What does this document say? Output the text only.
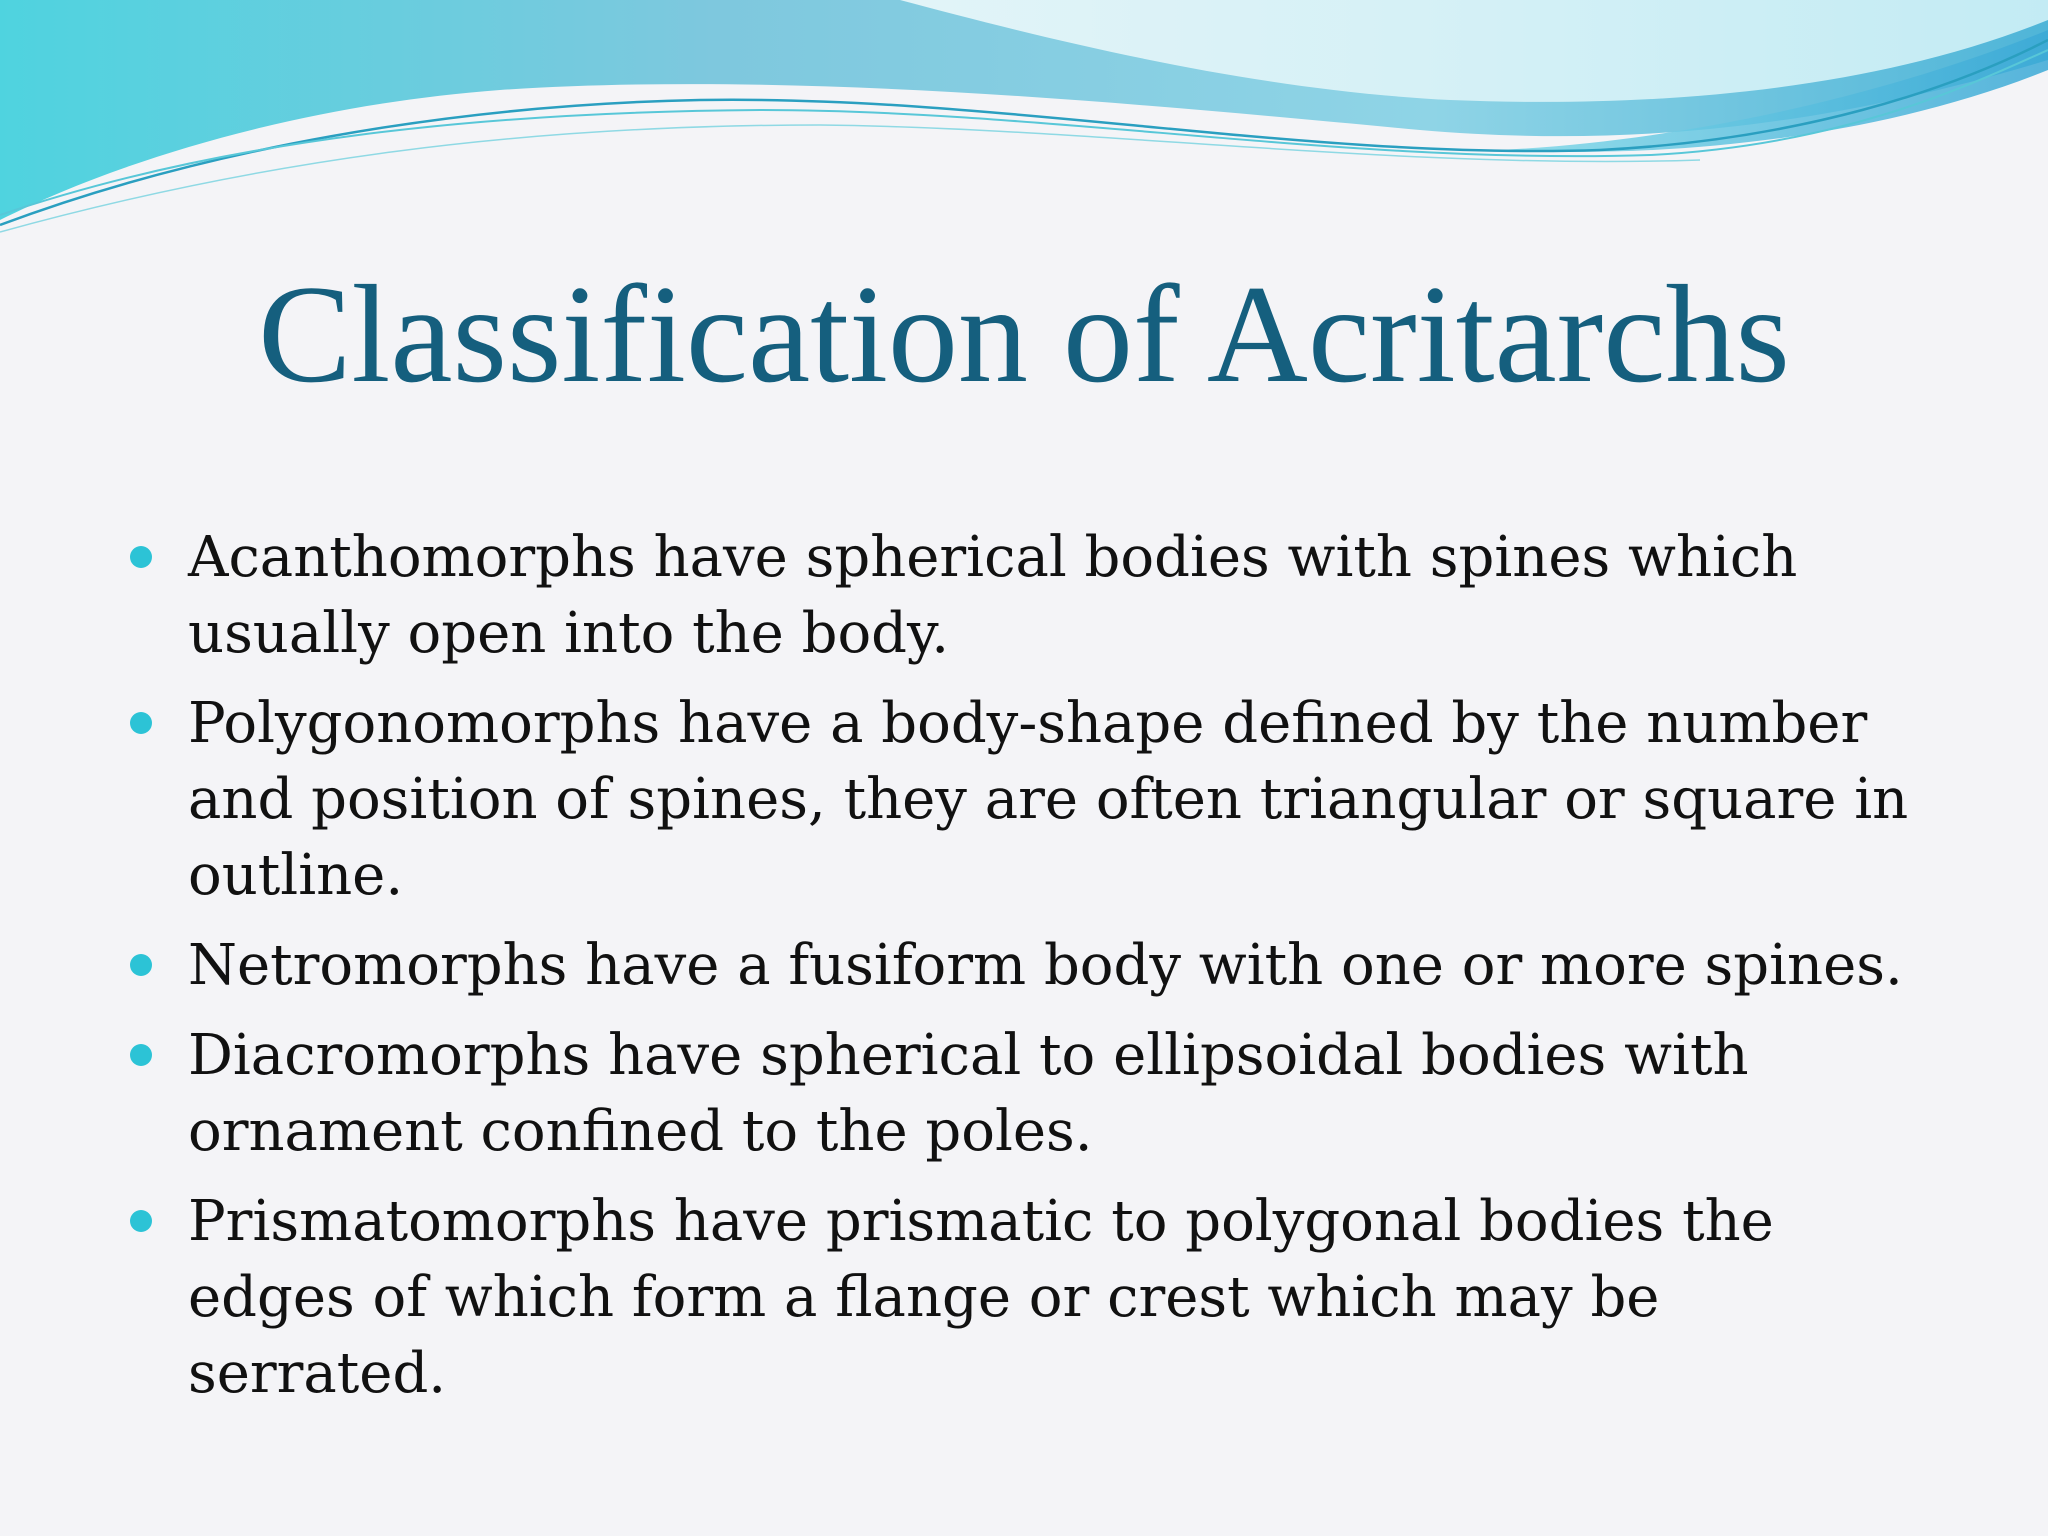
Classification of Acritarchs
Acanthomorphs have spherical bodies with spines which usually open into the body.
Polygonomorphs have a body-shape defined by the number and position of spines, they are often triangular or square in outline.
Netromorphs have a fusiform body with one or more spines.
Diacromorphs have spherical to ellipsoidal bodies with ornament confined to the poles.
Prismatomorphs have prismatic to polygonal bodies the edges of which form a flange or crest which may be serrated.
